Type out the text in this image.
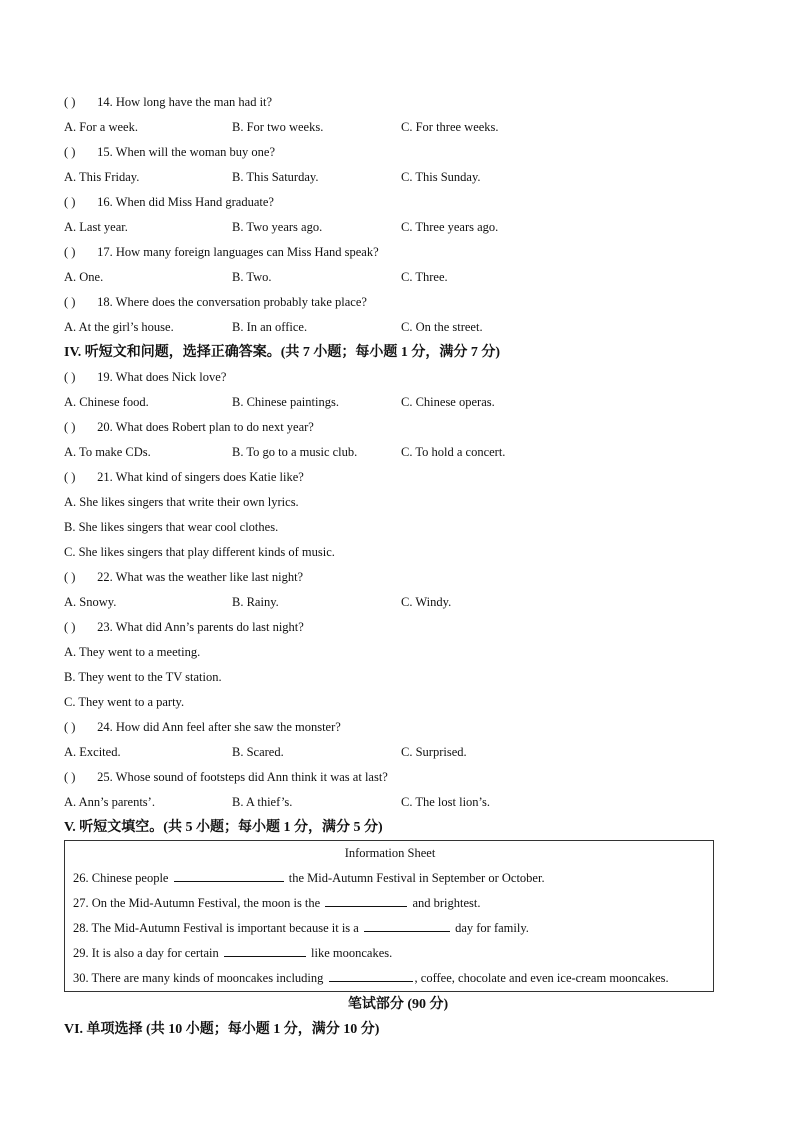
( ) 14. How long have the man had it?
A. For a week.	B. For two weeks.	C. For three weeks.
( ) 15. When will the woman buy one?
A. This Friday.	B. This Saturday.	C. This Sunday.
( ) 16. When did Miss Hand graduate?
A. Last year.	B. Two years ago.	C. Three years ago.
( ) 17. How many foreign languages can Miss Hand speak?
A. One.	B. Two.	C. Three.
( ) 18. Where does the conversation probably take place?
A. At the girl’s house.	B. In an office.	C. On the street.
IV. 听短文和问题，选择正确答案。(共 7 小题；每小题 1 分，满分 7 分)
( ) 19. What does Nick love?
A. Chinese food.	B. Chinese paintings.	C. Chinese operas.
( ) 20. What does Robert plan to do next year?
A. To make CDs.	B. To go to a music club.	C. To hold a concert.
( ) 21. What kind of singers does Katie like?
A. She likes singers that write their own lyrics.
B. She likes singers that wear cool clothes.
C. She likes singers that play different kinds of music.
( ) 22. What was the weather like last night?
A. Snowy.	B. Rainy.	C. Windy.
( ) 23. What did Ann’s parents do last night?
A. They went to a meeting.
B. They went to the TV station.
C. They went to a party.
( ) 24. How did Ann feel after she saw the monster?
A. Excited.	B. Scared.	C. Surprised.
( ) 25. Whose sound of footsteps did Ann think it was at last?
A. Ann’s parents’.	B. A thief’s.	C. The lost lion’s.
V. 听短文填空。(共 5 小题；每小题 1 分，满分 5 分)
Information Sheet
26. Chinese people	the Mid-Autumn Festival in September or October.
27. On the Mid-Autumn Festival, the moon is the	and brightest.
28. The Mid-Autumn Festival is important because it is a	day for family.
29. It is also a day for certain	like mooncakes.
30. There are many kinds of mooncakes including	, coffee, chocolate and even ice-cream mooncakes.
笔试部分 (90 分)
VI. 单项选择 (共 10 小题；每小题 1 分，满分 10 分)
